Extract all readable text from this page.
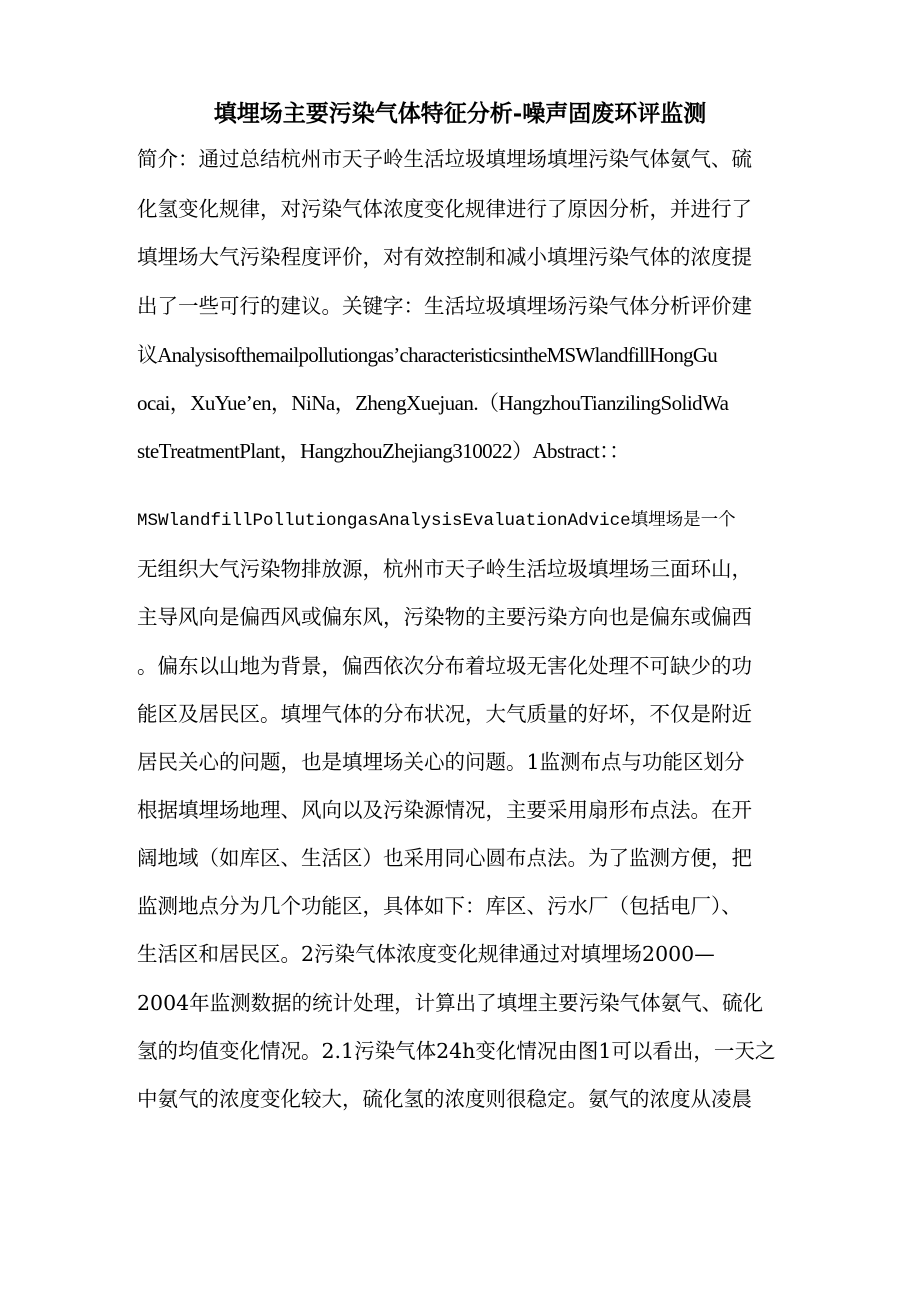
填埋场主要污染气体特征分析-噪声固废环评监测
简介：通过总结杭州市天子岭生活垃圾填埋场填埋污染气体氨气、硫
化氢变化规律，对污染气体浓度变化规律进行了原因分析，并进行了
填埋场大气污染程度评价，对有效控制和减小填埋污染气体的浓度提
出了一些可行的建议。关键字：生活垃圾填埋场污染气体分析评价建
议Analysisofthemailpollutiongas’characteristicsintheMSWlandfillHongGu
ocai，XuYue’en，NiNa，ZhengXuejuan.（HangzhouTianzilingSolidWa
steTreatmentPlant，HangzhouZhejiang310022）Abstract：：
MSWlandfillPollutiongasAnalysisEvaluationAdvice填埋场是一个
无组织大气污染物排放源，杭州市天子岭生活垃圾填埋场三面环山，
主导风向是偏西风或偏东风，污染物的主要污染方向也是偏东或偏西
。偏东以山地为背景，偏西依次分布着垃圾无害化处理不可缺少的功
能区及居民区。填埋气体的分布状况，大气质量的好坏，不仅是附近
居民关心的问题，也是填埋场关心的问题。1监测布点与功能区划分
根据填埋场地理、风向以及污染源情况，主要采用扇形布点法。在开
阔地域（如库区、生活区）也采用同心圆布点法。为了监测方便，把
监测地点分为几个功能区，具体如下：库区、污水厂（包括电厂）、
生活区和居民区。2污染气体浓度变化规律通过对填埋场2000—
2004年监测数据的统计处理，计算出了填埋主要污染气体氨气、硫化
氢的均值变化情况。2.1污染气体24h变化情况由图1可以看出，一天之
中氨气的浓度变化较大，硫化氢的浓度则很稳定。氨气的浓度从凌晨
